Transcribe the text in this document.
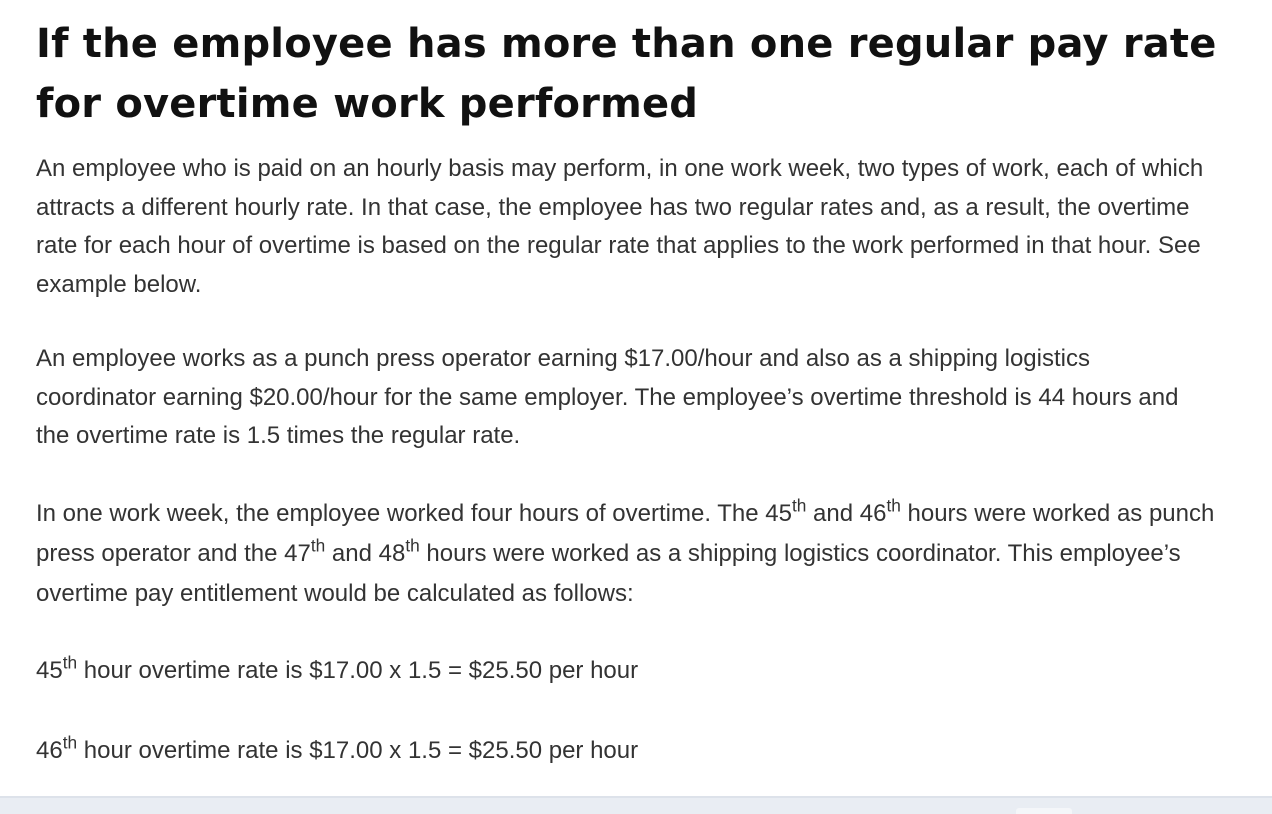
If the employee has more than one regular pay rate for overtime work performed

An employee who is paid on an hourly basis may perform, in one work week, two types of work, each of which attracts a different hourly rate. In that case, the employee has two regular rates and, as a result, the overtime rate for each hour of overtime is based on the regular rate that applies to the work performed in that hour. See example below.

An employee works as a punch press operator earning $17.00/hour and also as a shipping logistics coordinator earning $20.00/hour for the same employer. The employee’s overtime threshold is 44 hours and the overtime rate is 1.5 times the regular rate.

In one work week, the employee worked four hours of overtime. The 45th and 46th hours were worked as punch press operator and the 47th and 48th hours were worked as a shipping logistics coordinator. This employee’s overtime pay entitlement would be calculated as follows:

45th hour overtime rate is $17.00 x 1.5 = $25.50 per hour

46th hour overtime rate is $17.00 x 1.5 = $25.50 per hour
